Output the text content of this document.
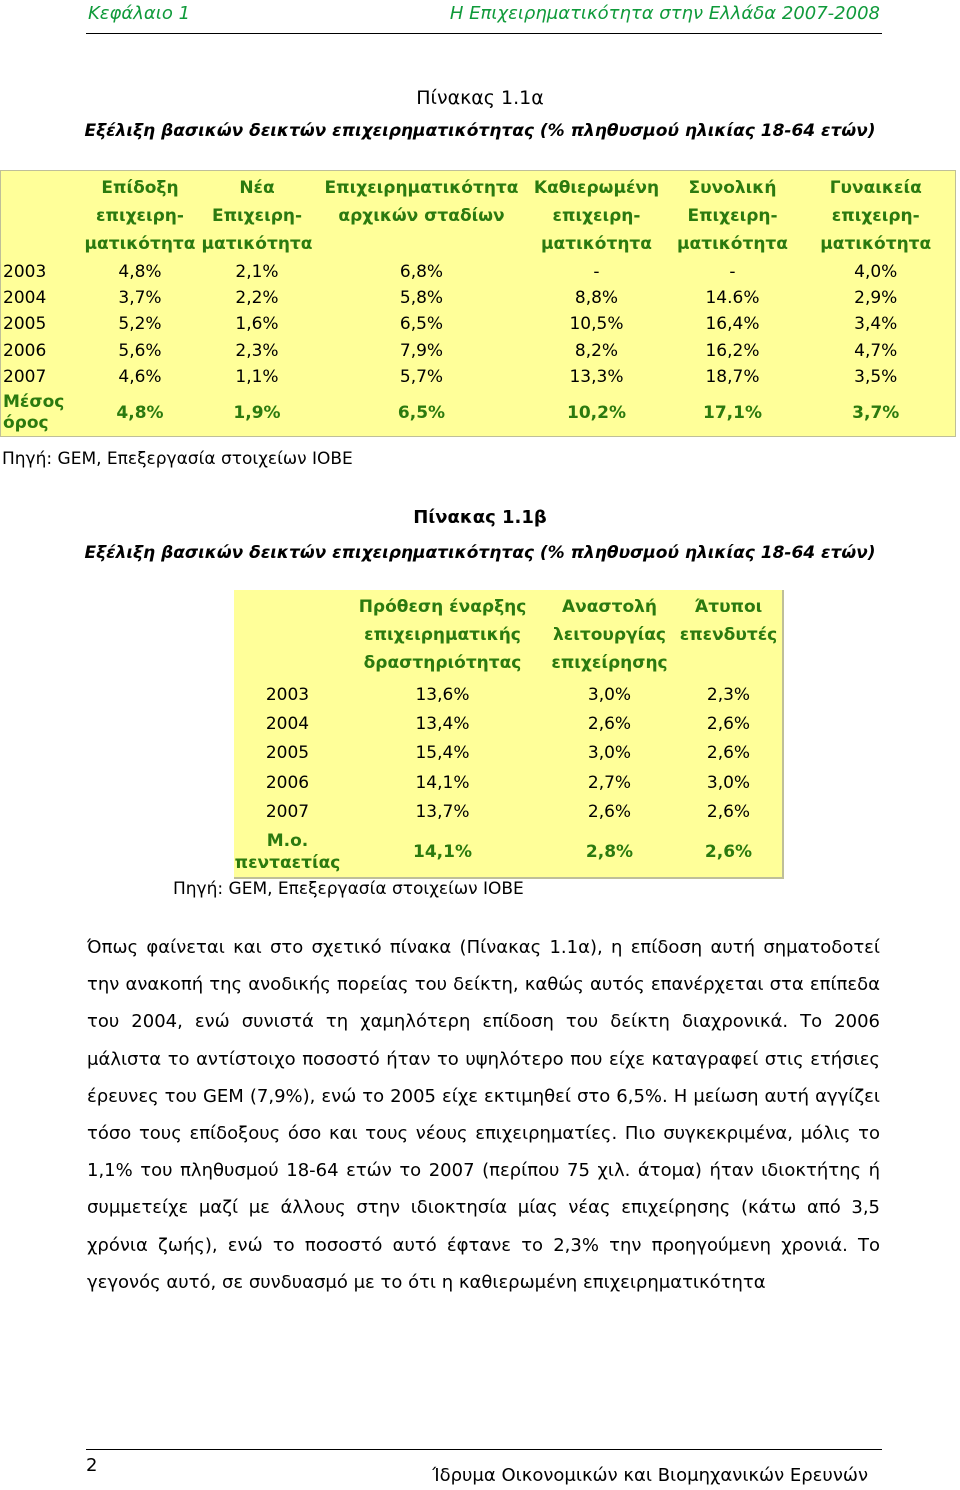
Κεφάλαιο 1	Η Επιχειρηματικότητα στην Ελλάδα 2007-2008
Πίνακας 1.1α
Εξέλιξη βασικών δεικτών επιχειρηματικότητας (% πληθυσμού ηλικίας 18-64 ετών)
	Επίδοξη επιχειρη-ματικότητα	Νέα Επιχειρη-ματικότητα	Επιχειρηματικότητα αρχικών σταδίων	Καθιερωμένη επιχειρη-ματικότητα	Συνολική Επιχειρη-ματικότητα	Γυναικεία επιχειρη-ματικότητα
2003	4,8%	2,1%	6,8%	-	-	4,0%
2004	3,7%	2,2%	5,8%	8,8%	14.6%	2,9%
2005	5,2%	1,6%	6,5%	10,5%	16,4%	3,4%
2006	5,6%	2,3%	7,9%	8,2%	16,2%	4,7%
2007	4,6%	1,1%	5,7%	13,3%	18,7%	3,5%
Μέσος όρος	4,8%	1,9%	6,5%	10,2%	17,1%	3,7%
Πηγή: GEM, Επεξεργασία στοιχείων ΙΟΒΕ
Πίνακας 1.1β
Εξέλιξη βασικών δεικτών επιχειρηματικότητας (% πληθυσμού ηλικίας 18-64 ετών)
	Πρόθεση έναρξης επιχειρηματικής δραστηριότητας	Αναστολή λειτουργίας επιχείρησης	Άτυποι επενδυτές
2003	13,6%	3,0%	2,3%
2004	13,4%	2,6%	2,6%
2005	15,4%	3,0%	2,6%
2006	14,1%	2,7%	3,0%
2007	13,7%	2,6%	2,6%
Μ.ο. πενταετίας	14,1%	2,8%	2,6%
Πηγή: GEM, Επεξεργασία στοιχείων ΙΟΒΕ

Όπως φαίνεται και στο σχετικό πίνακα (Πίνακας 1.1α), η επίδοση αυτή σηματοδοτεί την ανακοπή της ανοδικής πορείας του δείκτη, καθώς αυτός επανέρχεται στα επίπεδα του 2004, ενώ συνιστά τη χαμηλότερη επίδοση του δείκτη διαχρονικά. Το 2006 μάλιστα το αντίστοιχο ποσοστό ήταν το υψηλότερο που είχε καταγραφεί στις ετήσιες έρευνες του GEM (7,9%), ενώ το 2005 είχε εκτιμηθεί στο 6,5%. Η μείωση αυτή αγγίζει τόσο τους επίδοξους όσο και τους νέους επιχειρηματίες. Πιο συγκεκριμένα, μόλις το 1,1% του πληθυσμού 18-64 ετών το 2007 (περίπου 75 χιλ. άτομα) ήταν ιδιοκτήτης ή συμμετείχε μαζί με άλλους στην ιδιοκτησία μίας νέας επιχείρησης (κάτω από 3,5 χρόνια ζωής), ενώ το ποσοστό αυτό έφτανε το 2,3% την προηγούμενη χρονιά. Το γεγονός αυτό, σε συνδυασμό με το ότι η καθιερωμένη επιχειρηματικότητα

2	Ίδρυμα Οικονομικών και Βιομηχανικών Ερευνών
